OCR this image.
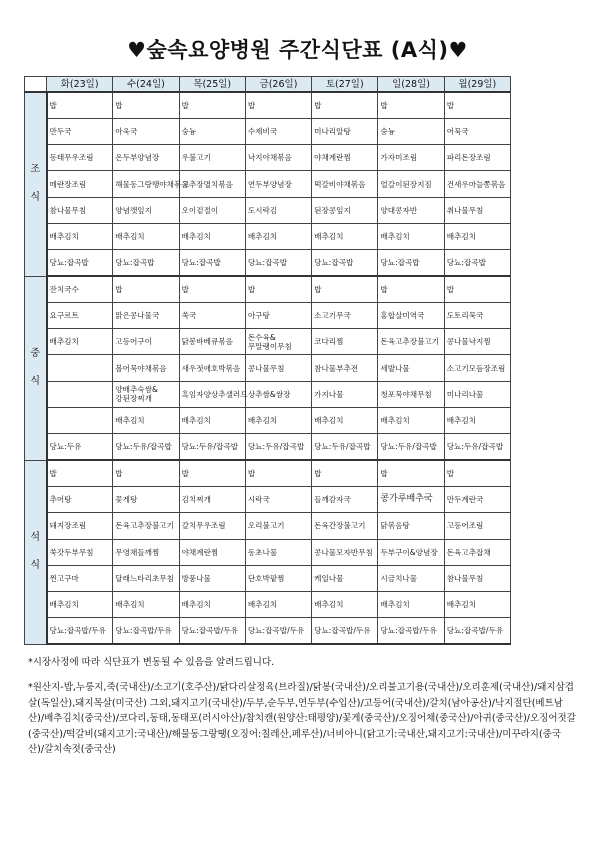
♥숲속요양병원 주간식단표 (A식)♥
	화(23일)	수(24일)	목(25일)	금(26일)	토(27일)	일(28일)	월(29일)
조

식	밥	밥	밥	밥	밥	밥	밥
	만두국	아욱국	숭늉	수제비국	미나리알탕	숭늉	어묵국
	동태무우조림	온두부양념장	우불고기	낙지야채볶음	야채계란찜	가자미조림	파리돈장조림
	메란장조림	해물동그랑땡야채볶음	고추장멸치볶음	연두부양념장	떡갈비야채볶음	얼갈이된장지짐	건새우마늘쫑볶음
	참나물무침	양념깻잎지	오이겉절이	도시락김	된장콩잎지	양대콩자반	취나물무침
	배추김치	배추김치	배추김치	배추김치	배추김치	배추김치	배추김치
	당뇨:잡곡밥	당뇨:잡곡밥	당뇨:잡곡밥	당뇨:잡곡밥	당뇨:잡곡밥	당뇨:잡곡밥	당뇨:잡곡밥
중

식	잔치국수	밥	밥	밥	밥	밥	밥
	요구르트	맑은콩나물국	쑥국	아구탕	소고기무국	홍합살미역국	도토리묵국
	배추김치	고등어구이	닭봉바베큐볶음	돈수육&무말랭이무침	코다리찜	돈육고추장불고기	콩나물낙지찜
		볼어묵야채볶음	새우젓애호박볶음	콩나물무침	참나물부추전	세발나물	소고기모듬장조림
		양배추숙쌈&강된장찌개	흑임자양상추샐러드	상추쌈&쌈장	가지나물	청포묵야채무침	미나리나물
		배추김치	배추김치	배추김치	배추김치	배추김치	배추김치
	당뇨:두유	당뇨:두유/잡곡밥	당뇨:두유/잡곡밥	당뇨:두유/잡곡밥	당뇨:두유/잡곡밥	당뇨:두유/잡곡밥	당뇨:두유/잡곡밥
석

식	밥	밥	밥	밥	밥	밥	밥
	추어탕	꽃게탕	김치찌개	시락국	들깨감자국	콩가루배추국	만두계란국
	돼지장조림	돈육고추장불고기	갈치무우조림	오리불고기	돈육간장불고기	닭볶음탕	고등어조림
	쑥갓두부무침	무영채들깨찜	야채계란찜	동초나물	콩나물모자반무침	두부구이&양념장	돈육고추잡채
	찐고구마	달래느타리초무침	방풍나물	단호박팥찜	케일나물	시금치나물	참나물무침
	배추김치	배추김치	배추김치	배추김치	배추김치	배추김치	배추김치
	당뇨:잡곡밥/두유	당뇨:잡곡밥/두유	당뇨:잡곡밥/두유	당뇨:잡곡밥/두유	당뇨:잡곡밥/두유	당뇨:잡곡밥/두유	당뇨:잡곡밥/두유
*시장사정에 따라 식단표가 변동될 수 있음을 알려드립니다.
*원산지-밥,누룽지,죽(국내산)/소고기(호주산)/닭다리살정육(브라질)/닭봉(국내산)/오리불고기용(국내산)/오리훈제(국내산)/돼지삼겹살(독일산),돼지목살(미국산) 그외,돼지고기(국내산)/두부,순두부,연두부(수입산)/고등어(국내산)/갈치(남아공산)/낙지절단(베트남산)/배추김치(중국산)/코다리,동태,동태포(러시아산)/참치캔(원양산:태평양)/꽃게(중국산)/오징어채(중국산)/아귀(중국산)/오징어젓갈(중국산)/떡갈비(돼지고기:국내산)/해물동그랑땡(오징어:칠레산,페루산)/너비아니(닭고기:국내산,돼지고기:국내산)/미꾸라지(중국산)/갈치속젓(중국산)
